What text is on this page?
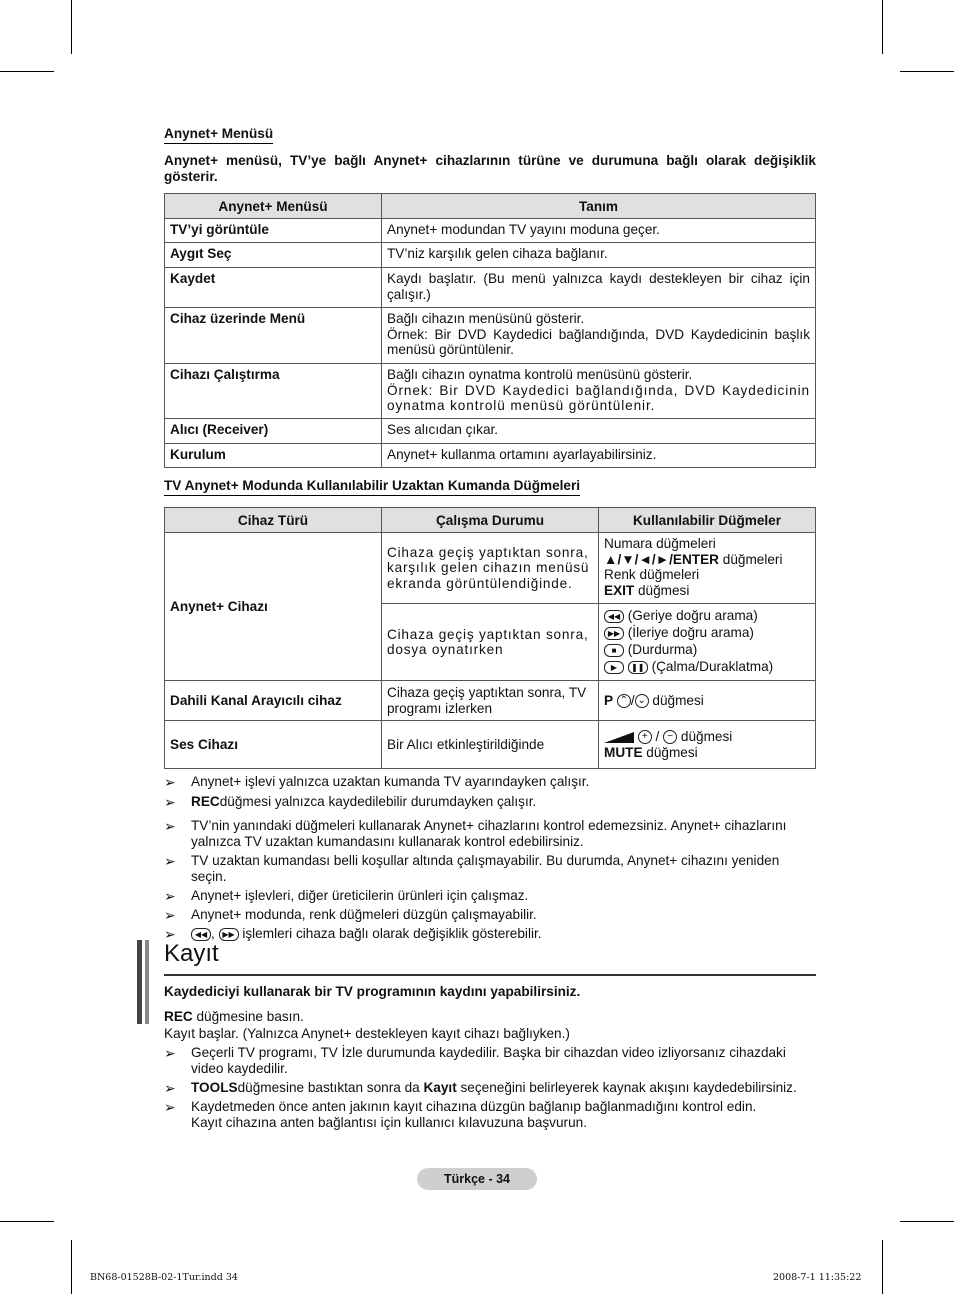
Anynet+ Menüsü
Anynet+ menüsü, TV’ye bağlı Anynet+ cihazlarının türüne ve durumuna bağlı olarak değişiklik gösterir.
Anynet+ Menüsü	Tanım
TV’yi görüntüle	Anynet+ modundan TV yayını moduna geçer.
Aygıt Seç	TV’niz karşılık gelen cihaza bağlanır.
Kaydet	Kaydı başlatır. (Bu menü yalnızca kaydı destekleyen bir cihaz için çalışır.)
Cihaz üzerinde Menü	Bağlı cihazın menüsünü gösterir.
Örnek: Bir DVD Kaydedici bağlandığında, DVD Kaydedicinin başlık menüsü görüntülenir.

Cihazı Çalıştırma	Bağlı cihazın oynatma kontrolü menüsünü gösterir.
Örnek: Bir DVD Kaydedici bağlandığında, DVD Kaydedicinin oynatma kontrolü menüsü görüntülenir.

Alıcı (Receiver)	Ses alıcıdan çıkar.
Kurulum	Anynet+ kullanma ortamını ayarlayabilirsiniz.
TV Anynet+ Modunda Kullanılabilir Uzaktan Kumanda Düğmeleri
Cihaz Türü	Çalışma Durumu	Kullanılabilir Düğmeler
Anynet+ Cihazı	Cihaza geçiş yaptıktan sonra, karşılık gelen cihazın menüsü ekranda görüntülendiğinde.	Numara düğmeleri
▲/▼/◄/►/ENTER düğmeleri
Renk düğmeleri
EXIT düğmesi

	Cihaza geçiş yaptıktan sonra, dosya oynatırken	◀◀ (Geriye doğru arama)
▶▶ (İleriye doğru arama)
■ (Durdurma)
▶ ❚❚ (Çalma/Duraklatma)

Dahili Kanal Arayıcılı cihaz	Cihaza geçiş yaptıktan sonra, TV programı izlerken	P ⌃ / ⌄ düğmesi
Ses Cihazı	Bir Alıcı etkinleştirildiğinde	+ / − düğmesi
MUTE düğmesi
➢ Anynet+ işlevi yalnızca uzaktan kumanda TV ayarındayken çalışır.
➢ RECdüğmesi yalnızca kaydedilebilir durumdayken çalışır.
➢ TV’nin yanındaki düğmeleri kullanarak Anynet+ cihazlarını kontrol edemezsiniz. Anynet+ cihazlarını yalnızca TV uzaktan kumandasını kullanarak kontrol edebilirsiniz.
➢ TV uzaktan kumandası belli koşullar altında çalışmayabilir. Bu durumda, Anynet+ cihazını yeniden seçin.
➢ Anynet+ işlevleri, diğer üreticilerin ürünleri için çalışmaz.
➢ Anynet+ modunda, renk düğmeleri düzgün çalışmayabilir.
➢ ◀◀ , ▶▶ işlemleri cihaza bağlı olarak değişiklik gösterebilir.
Kayıt
Kaydediciyi kullanarak bir TV programının kaydını yapabilirsiniz.
REC düğmesine basın.
Kayıt başlar. (Yalnızca Anynet+ destekleyen kayıt cihazı bağlıyken.)
➢ Geçerli TV programı, TV İzle durumunda kaydedilir. Başka bir cihazdan video izliyorsanız cihazdaki video kaydedilir.
➢ TOOLSdüğmesine bastıktan sonra da Kayıt seçeneğini belirleyerek kaynak akışını kaydedebilirsiniz.
➢ Kaydetmeden önce anten jakının kayıt cihazına düzgün bağlanıp bağlanmadığını kontrol edin.
Kayıt cihazına anten bağlantısı için kullanıcı kılavuzuna başvurun.
Türkçe - 34
BN68-01528B-02-1Tur.indd 34	2008-7-1 11:35:22
